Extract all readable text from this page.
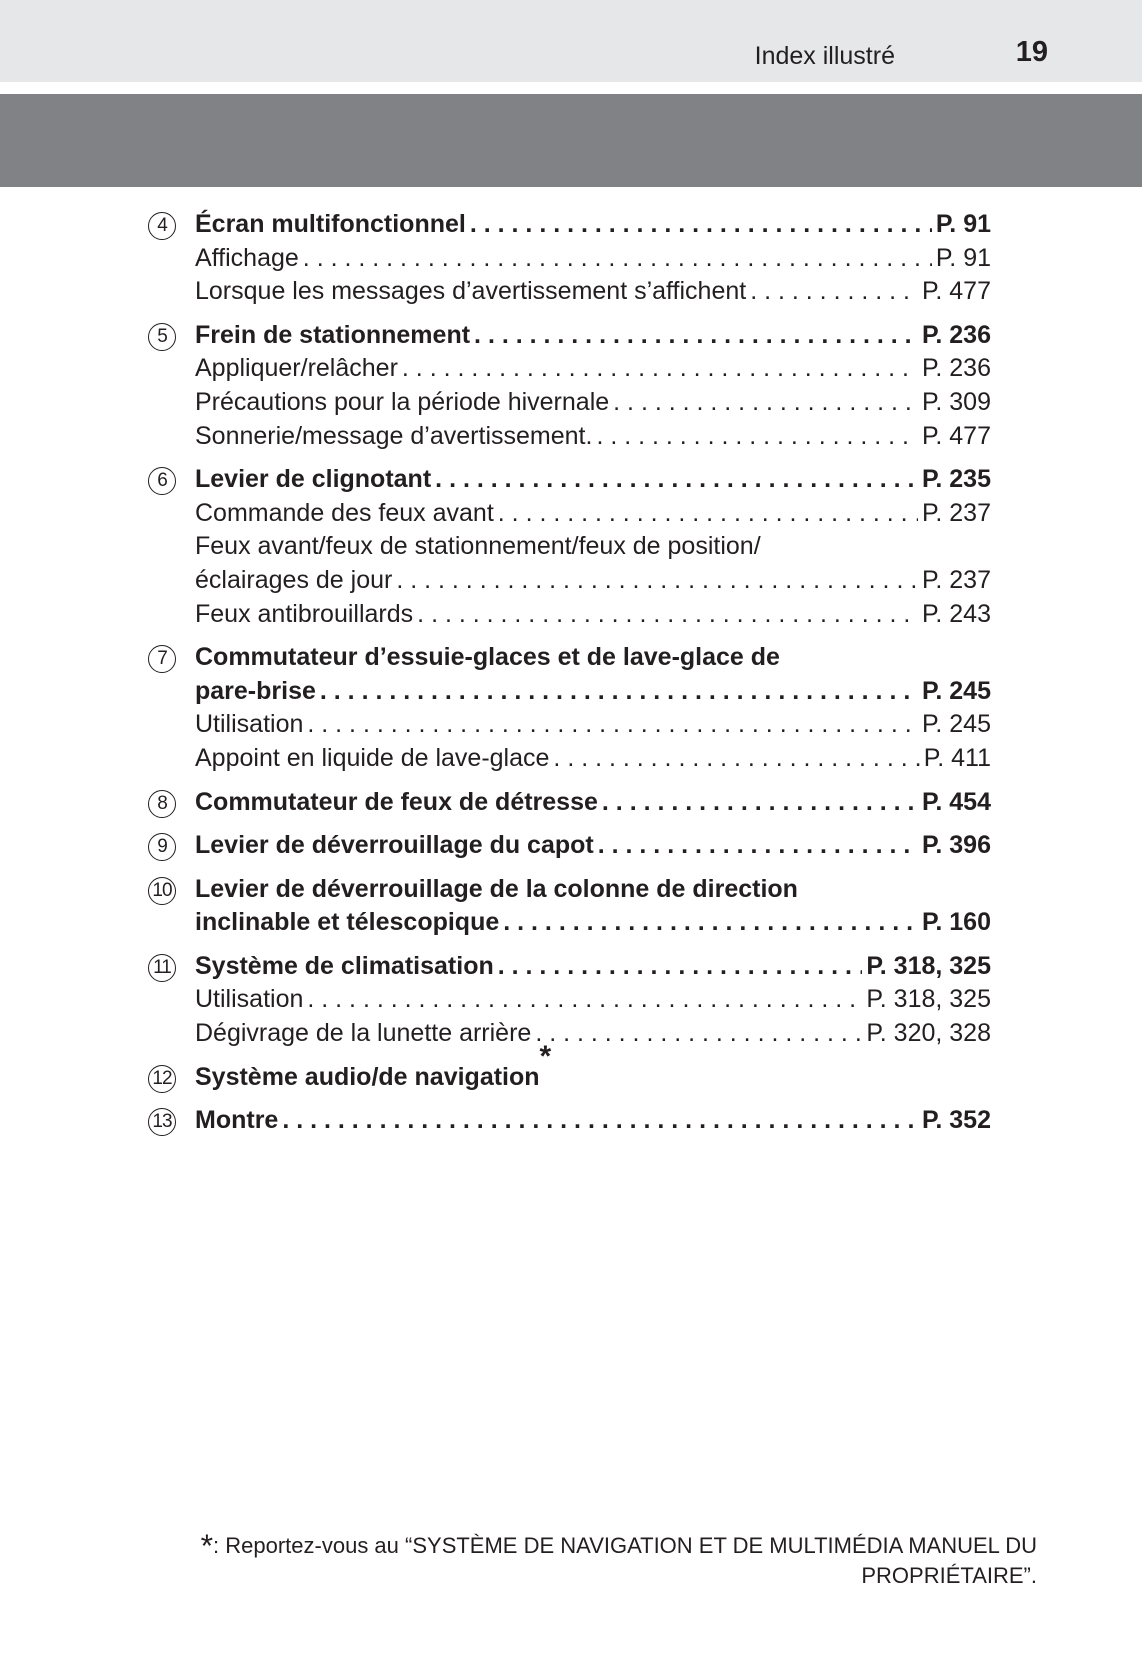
Index illustré	19
Écran multifonctionnel . . .	P. 91
4
Affichage . . .	P. 91
Lorsque les messages d’avertissement s’affichent . . .	P. 477
Frein de stationnement . . .	P. 236
5
Appliquer/relâcher . . .	P. 236
Précautions pour la période hivernale . . .	P. 309
Sonnerie/message d’avertissement. . . .	P. 477
Levier de clignotant . . .	P. 235
6
Commande des feux avant . . .	P. 237
Feux avant/feux de stationnement/feux de position/
éclairages de jour . . .	P. 237
Feux antibrouillards . . .	P. 243
Commutateur d’essuie-glaces et de lave-glace de
7
pare-brise . . .	P. 245
Utilisation . . .	P. 245
Appoint en liquide de lave-glace . . .	P. 411
Commutateur de feux de détresse . . .	P. 454
8
Levier de déverrouillage du capot . . .	P. 396
9
Levier de déverrouillage de la colonne de direction
10
inclinable et télescopique . . .	P. 160
Système de climatisation . . .	P. 318, 325
11
Utilisation . . .	P. 318, 325
Dégivrage de la lunette arrière . . .	P. 320, 328
Système audio/de navigation
*
12
Montre . . .	P. 352
13
*: Reportez-vous au “SYSTÈME DE NAVIGATION ET DE MULTIMÉDIA MANUEL DU
PROPRIÉTAIRE”.
